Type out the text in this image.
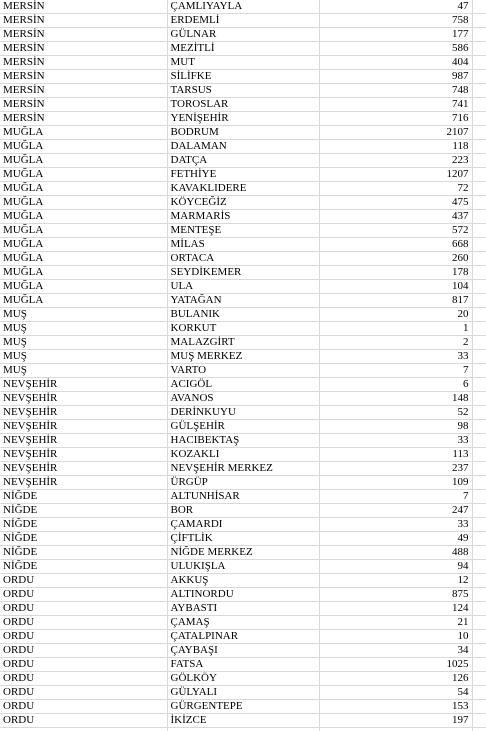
MERSİN	ÇAMLIYAYLA	47	
MERSİN	ERDEMLİ	758	
MERSİN	GÜLNAR	177	
MERSİN	MEZİTLİ	586	
MERSİN	MUT	404	
MERSİN	SİLİFKE	987	
MERSİN	TARSUS	748	
MERSİN	TOROSLAR	741	
MERSİN	YENİŞEHİR	716	
MUĞLA	BODRUM	2107	
MUĞLA	DALAMAN	118	
MUĞLA	DATÇA	223	
MUĞLA	FETHİYE	1207	
MUĞLA	KAVAKLIDERE	72	
MUĞLA	KÖYCEĞİZ	475	
MUĞLA	MARMARİS	437	
MUĞLA	MENTEŞE	572	
MUĞLA	MİLAS	668	
MUĞLA	ORTACA	260	
MUĞLA	SEYDİKEMER	178	
MUĞLA	ULA	104	
MUĞLA	YATAĞAN	817	
MUŞ	BULANIK	20	
MUŞ	KORKUT	1	
MUŞ	MALAZGİRT	2	
MUŞ	MUŞ MERKEZ	33	
MUŞ	VARTO	7	
NEVŞEHİR	ACIGÖL	6	
NEVŞEHİR	AVANOS	148	
NEVŞEHİR	DERİNKUYU	52	
NEVŞEHİR	GÜLŞEHİR	98	
NEVŞEHİR	HACIBEKTAŞ	33	
NEVŞEHİR	KOZAKLI	113	
NEVŞEHİR	NEVŞEHİR MERKEZ	237	
NEVŞEHİR	ÜRGÜP	109	
NİĞDE	ALTUNHİSAR	7	
NİĞDE	BOR	247	
NİĞDE	ÇAMARDI	33	
NİĞDE	ÇİFTLİK	49	
NİĞDE	NİĞDE MERKEZ	488	
NİĞDE	ULUKIŞLA	94	
ORDU	AKKUŞ	12	
ORDU	ALTINORDU	875	
ORDU	AYBASTI	124	
ORDU	ÇAMAŞ	21	
ORDU	ÇATALPINAR	10	
ORDU	ÇAYBAŞI	34	
ORDU	FATSA	1025	
ORDU	GÖLKÖY	126	
ORDU	GÜLYALI	54	
ORDU	GÜRGENTEPE	153	
ORDU	İKİZCE	197	
